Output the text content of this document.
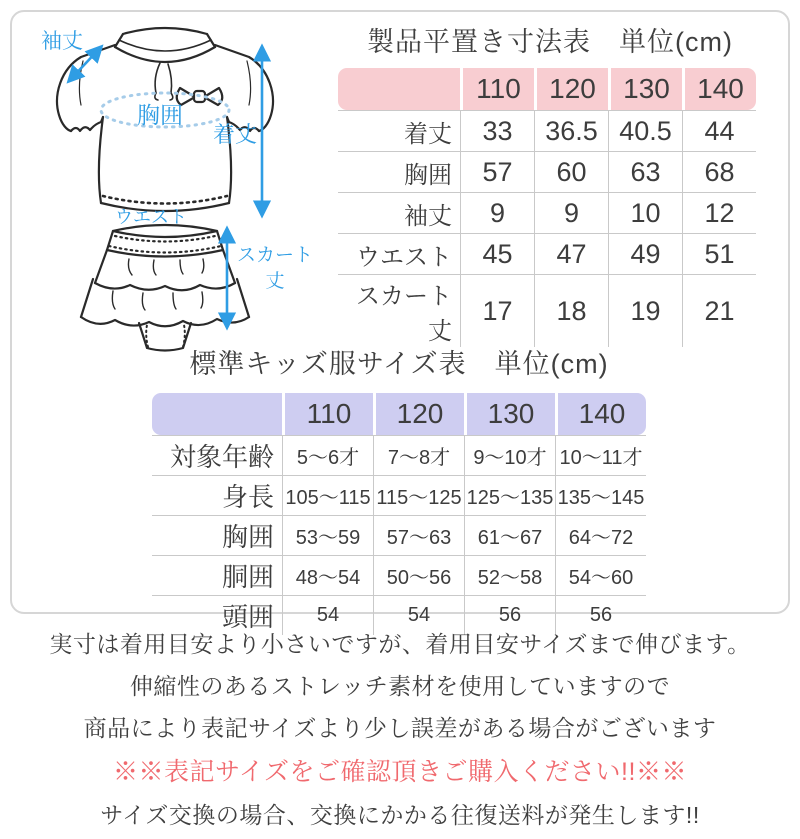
袖丈
胸囲
着丈
ウエスト
スカート丈
製品平置き寸法表　単位(cm)
	110	120	130	140
着丈	33	36.5	40.5	44
胸囲	57	60	63	68
袖丈	9	9	10	12
ウエスト	45	47	49	51
スカート丈	17	18	19	21
標準キッズ服サイズ表　単位(cm)
	110	120	130	140
対象年齢	5〜6才	7〜8才	9〜10才	10〜11才
身長	105〜115	115〜125	125〜135	135〜145
胸囲	53〜59	57〜63	61〜67	64〜72
胴囲	48〜54	50〜56	52〜58	54〜60
頭囲	54	54	56	56

実寸は着用目安より小さいですが、着用目安サイズまで伸びます。

伸縮性のあるストレッチ素材を使用していますので

商品により表記サイズより少し誤差がある場合がございます

※※表記サイズをご確認頂きご購入ください!!※※

サイズ交換の場合、交換にかかる往復送料が発生します!!
